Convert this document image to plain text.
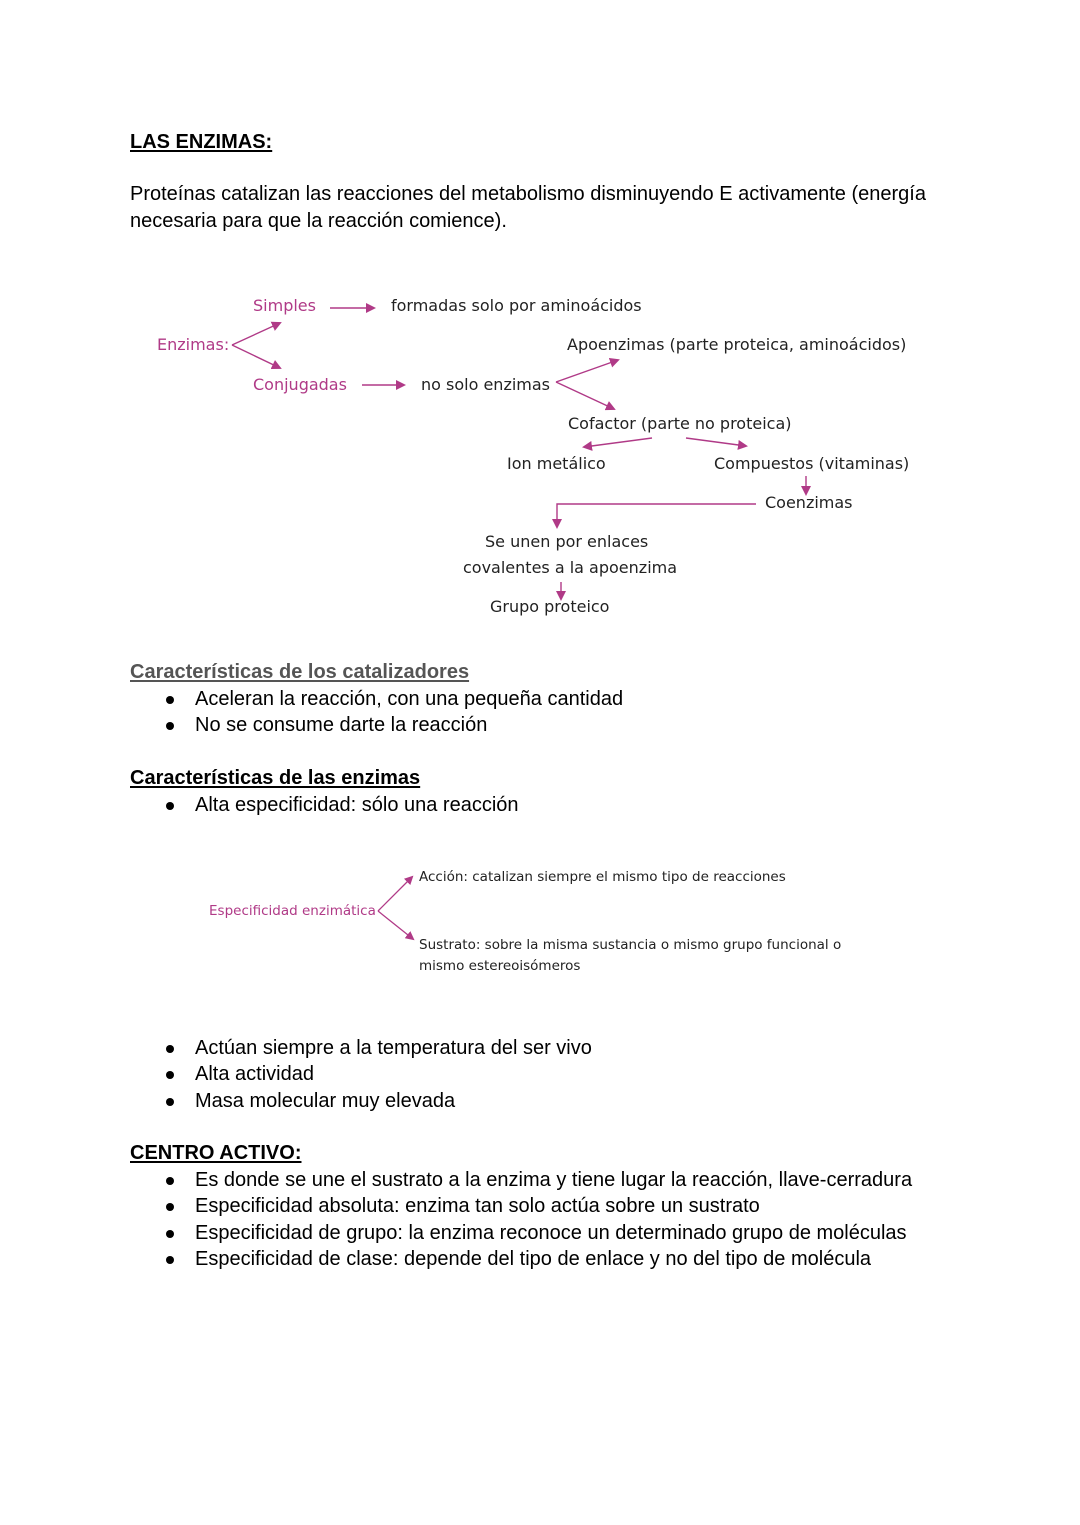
LAS ENZIMAS:
Proteínas catalizan las reacciones del metabolismo disminuyendo E activamente (energía
necesaria para que la reacción comience).
Enzimas:
Simples	formadas solo por aminoácidos
Conjugadas	no solo enzimas
Apoenzimas (parte proteica, aminoácidos)
Cofactor (parte no proteica)
Ion metálico	Compuestos (vitaminas)
Coenzimas
Se unen por enlaces
covalentes a la apoenzima
Grupo proteico
Características de los catalizadores
Aceleran la reacción, con una pequeña cantidad
No se consume darte la reacción
Características de las enzimas
Alta especificidad: sólo una reacción
Especificidad enzimática
Acción: catalizan siempre el mismo tipo de reacciones
Sustrato: sobre la misma sustancia o mismo grupo funcional o
mismo estereoisómeros
Actúan siempre a la temperatura del ser vivo
Alta actividad
Masa molecular muy elevada
CENTRO ACTIVO:
Es donde se une el sustrato a la enzima y tiene lugar la reacción, llave-cerradura
Especificidad absoluta: enzima tan solo actúa sobre un sustrato
Especificidad de grupo: la enzima reconoce un determinado grupo de moléculas
Especificidad de clase: depende del tipo de enlace y no del tipo de molécula
